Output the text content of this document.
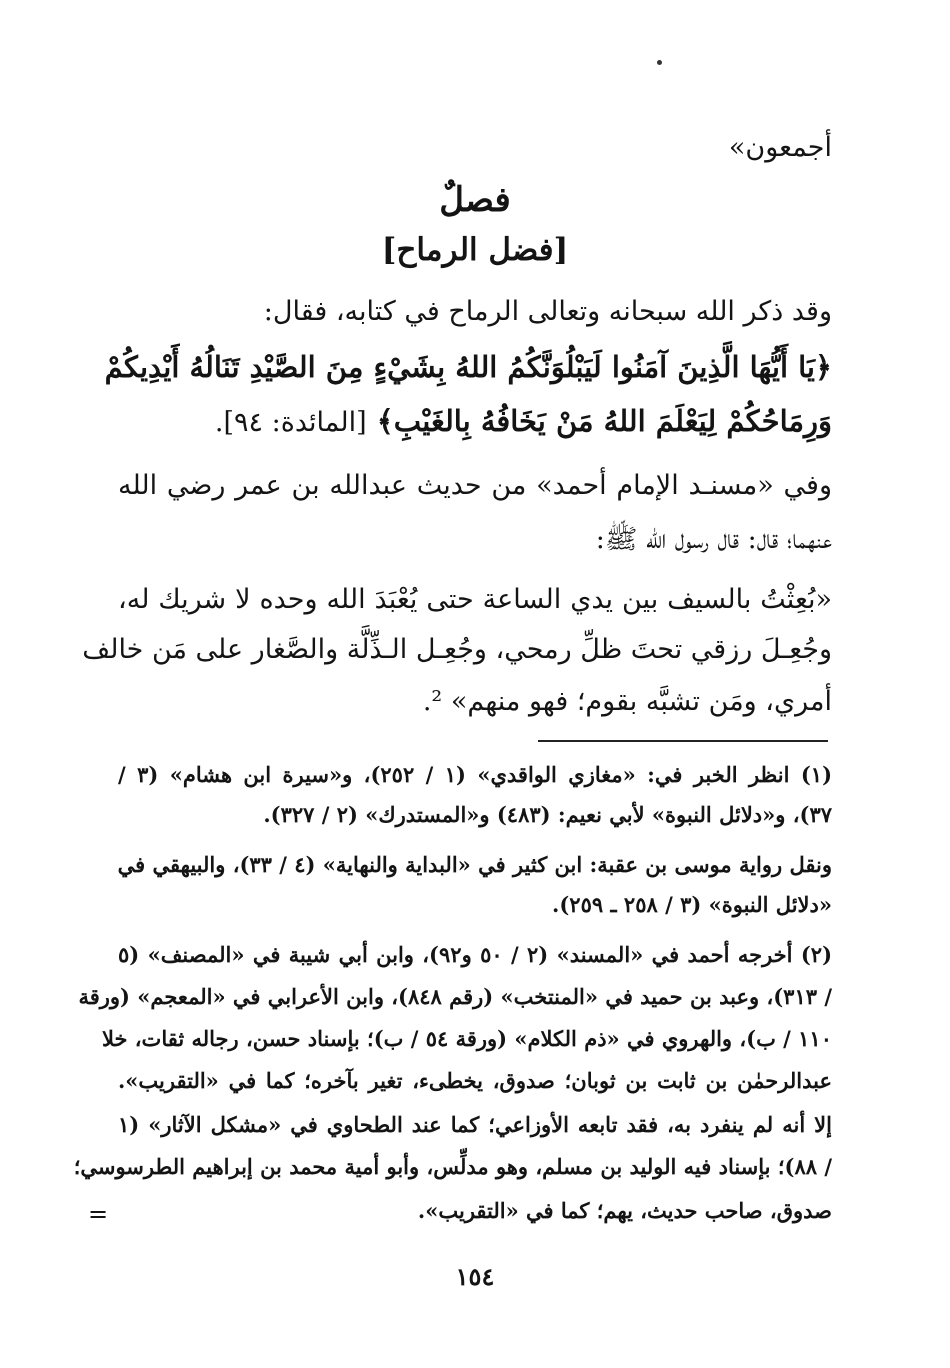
أجمعون»
فصلٌ
[فضل الرماح]
وقد ذكر الله سبحانه وتعالى الرماح في كتابه، فقال:
﴿يَا أَيُّهَا الَّذِينَ آمَنُوا لَيَبْلُوَنَّكُمُ اللهُ بِشَيْءٍ مِنَ الصَّيْدِ تَنَالُهُ أَيْدِيكُمْ
وَرِمَاحُكُمْ لِيَعْلَمَ اللهُ مَنْ يَخَافُهُ بِالغَيْبِ﴾ [المائدة: ٩٤].
وفي «مسنـد الإمام أحمد» من حديث عبدالله بن عمر رضي الله
عنهما؛ قال: قال رسول الله ﷺ:
«بُعِثْتُ بالسيف بين يدي الساعة حتى يُعْبَدَ الله وحده لا شريك له،
وجُعِـلَ رزقي تحتَ ظلِّ رمحي، وجُعِـل الـذِّلَّة والصَّغار على مَن خالف
أمري، ومَن تشبَّه بقوم؛ فهو منهم» ².
(١) انظر الخبر في: «مغازي الواقدي» (١ / ٢٥٢)، و«سيرة ابن هشام» (٣ /
٣٧)، و«دلائل النبوة» لأبي نعيم: (٤٨٣) و«المستدرك» (٢ / ٣٢٧).
ونقل رواية موسى بن عقبة: ابن كثير في «البداية والنهاية» (٤ / ٣٣)، والبيهقي في
«دلائل النبوة» (٣ / ٢٥٨ ـ ٢٥٩).
(٢) أخرجه أحمد في «المسند» (٢ / ٥٠ و٩٢)، وابن أبي شيبة في «المصنف» (٥
/ ٣١٣)، وعبد بن حميد في «المنتخب» (رقم ٨٤٨)، وابن الأعرابي في «المعجم» (ورقة
١١٠ / ب)، والهروي في «ذم الكلام» (ورقة ٥٤ / ب)؛ بإسناد حسن، رجاله ثقات، خلا
عبدالرحمٰن بن ثابت بن ثوبان؛ صدوق، يخطىء، تغير بآخره؛ كما في «التقريب».
إلا أنه لم ينفرد به، فقد تابعه الأوزاعي؛ كما عند الطحاوي في «مشكل الآثار» (١
/ ٨٨)؛ بإسناد فيه الوليد بن مسلم، وهو مدلِّس، وأبو أمية محمد بن إبراهيم الطرسوسي؛
صدوق، صاحب حديث، يهم؛ كما في «التقريب».
=
١٥٤
